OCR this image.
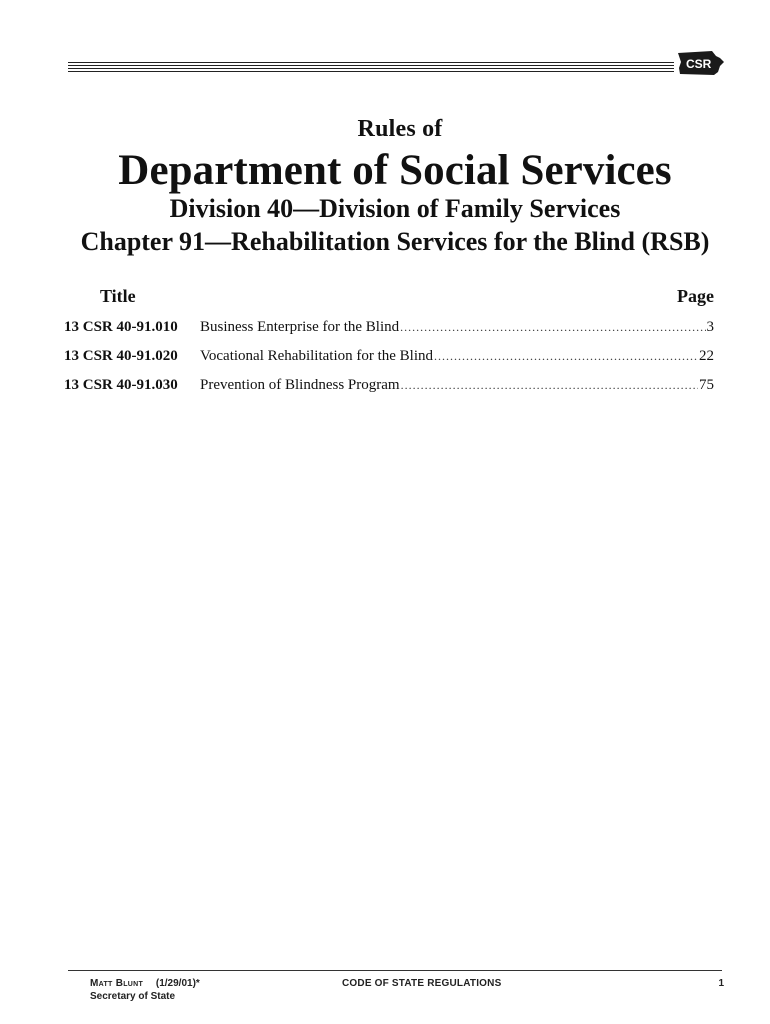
CSR
Rules of
Department of Social Services
Division 40—Division of Family Services
Chapter 91—Rehabilitation Services for the Blind (RSB)
Title	Page
13 CSR 40-91.010	Business Enterprise for the Blind .....	3
13 CSR 40-91.020	Vocational Rehabilitation for the Blind .....	22
13 CSR 40-91.030	Prevention of Blindness Program .....	75
Matt Blunt (1/29/01)*
Secretary of State
CODE OF STATE REGULATIONS	1
